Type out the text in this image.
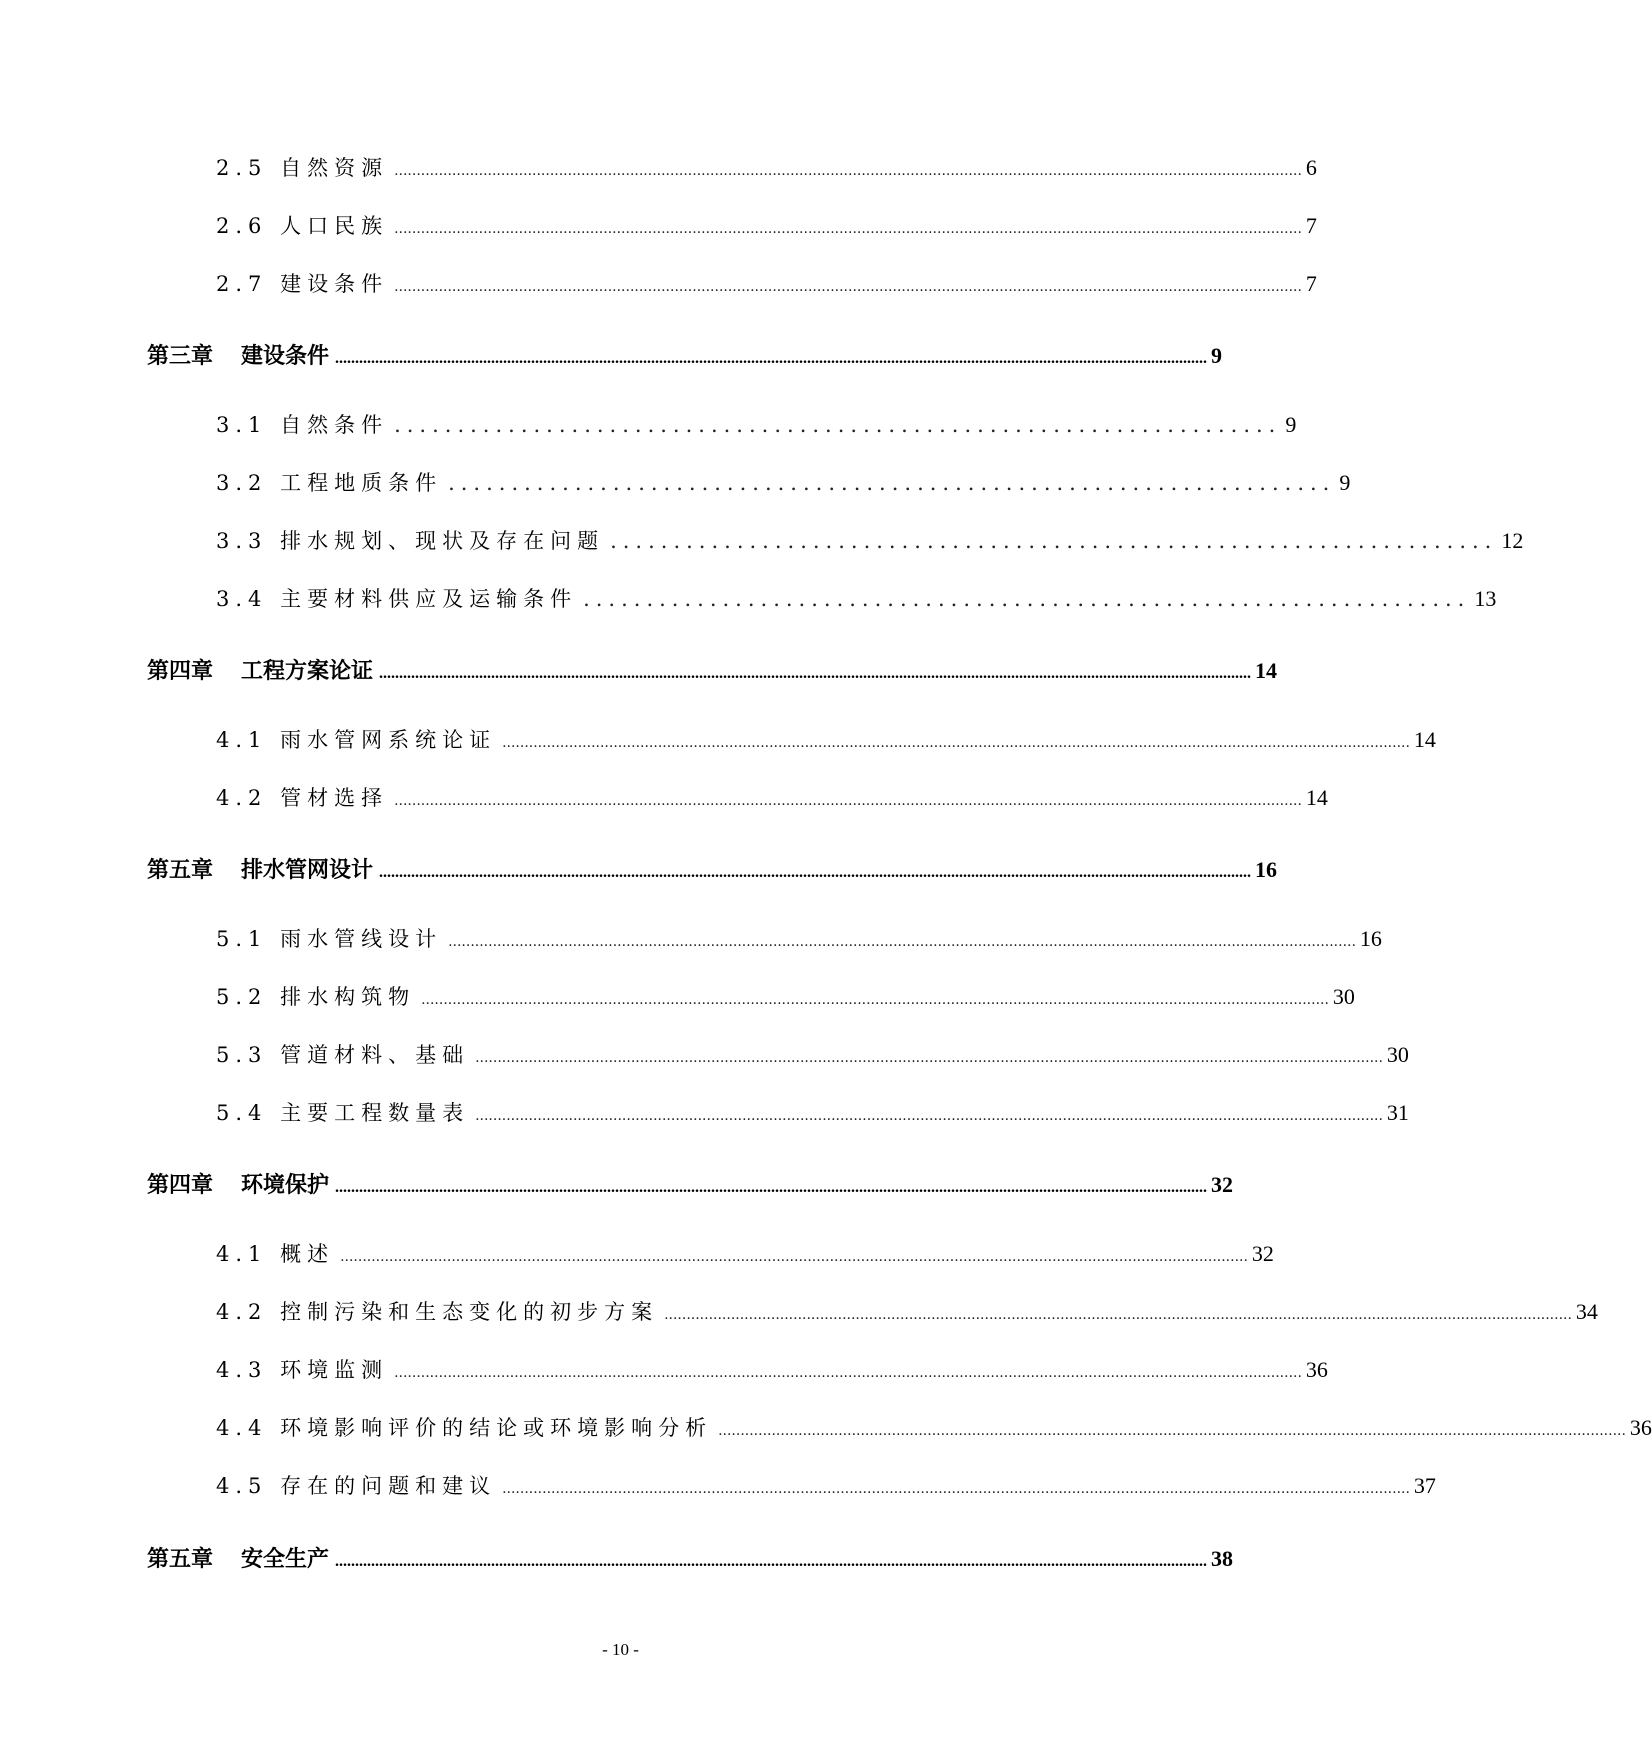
2.5 自然资源 ............................................................................................................................................................................................................ 6
2.6 人口民族 ............................................................................................................................................................................................................ 7
2.7 建设条件 ............................................................................................................................................................................................................ 7
第三章 建设条件 .......................................................................................................................................................................................................................... 9
3.1 自然条件 ...................................................................... 9
3.2 工程地质条件 ...................................................................... 9
3.3 排水规划、现状及存在问题 ...................................................................... 12
3.4 主要材料供应及运输条件 ...................................................................... 13
第四章 工程方案论证 .......................................................................................................................................................................................................................... 14
4.1 雨水管网系统论证 ............................................................................................................................................................................................................ 14
4.2 管材选择 ............................................................................................................................................................................................................ 14
第五章 排水管网设计 .......................................................................................................................................................................................................................... 16
5.1 雨水管线设计 ............................................................................................................................................................................................................ 16
5.2 排水构筑物 ............................................................................................................................................................................................................ 30
5.3 管道材料、基础 ............................................................................................................................................................................................................ 30
5.4 主要工程数量表 ............................................................................................................................................................................................................ 31
第四章 环境保护 .......................................................................................................................................................................................................................... 32
4.1 概述 ............................................................................................................................................................................................................ 32
4.2 控制污染和生态变化的初步方案 ............................................................................................................................................................................................................ 34
4.3 环境监测 ............................................................................................................................................................................................................ 36
4.4 环境影响评价的结论或环境影响分析 ............................................................................................................................................................................................................ 36
4.5 存在的问题和建议 ............................................................................................................................................................................................................ 37
第五章 安全生产 .......................................................................................................................................................................................................................... 38
- 10 -
